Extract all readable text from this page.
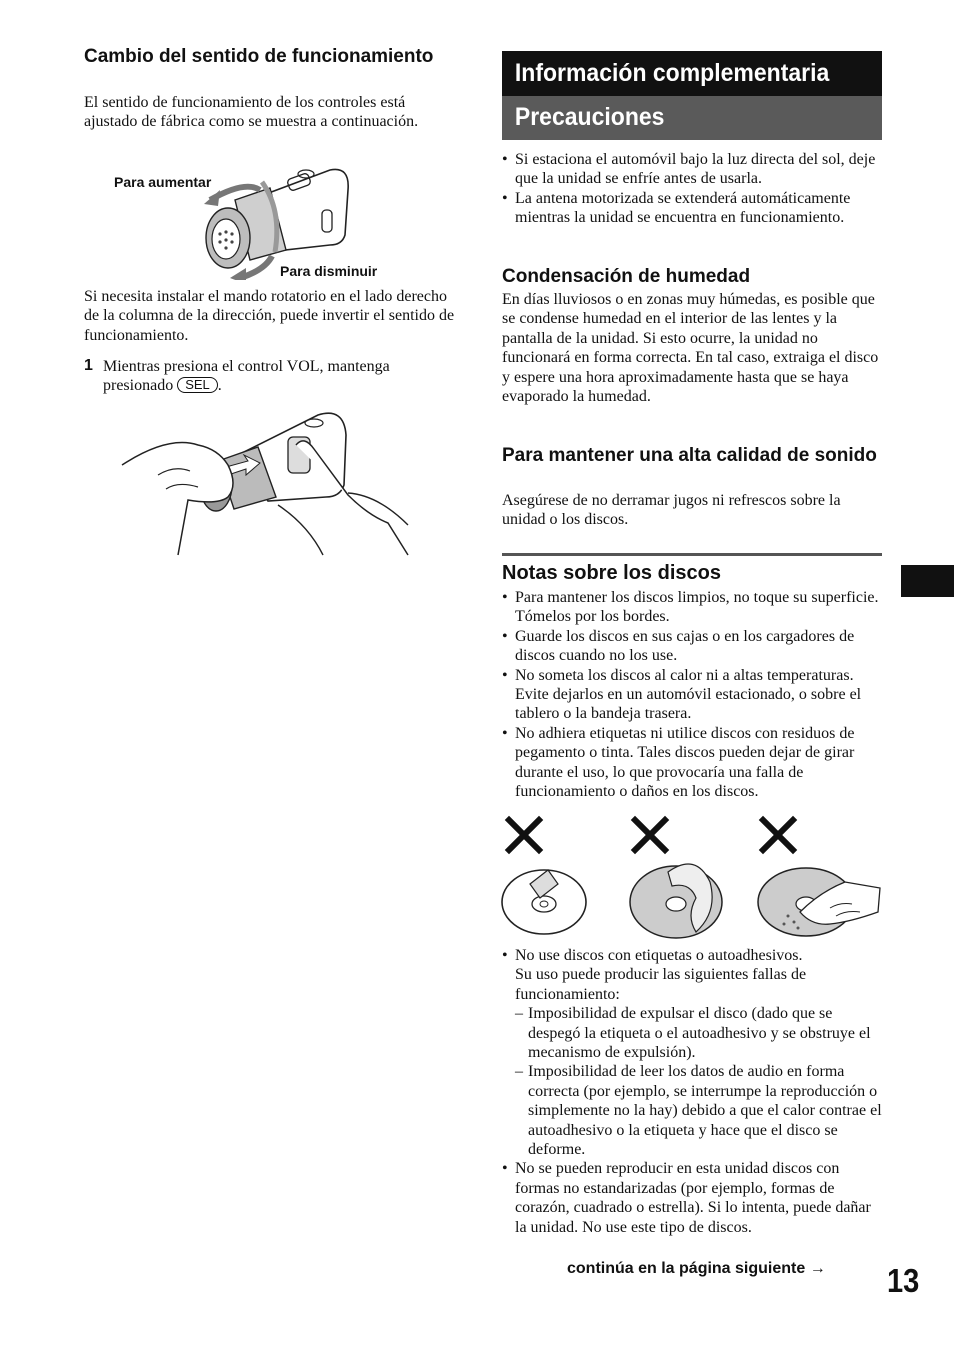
Cambio del sentido de funcionamiento

El sentido de funcionamiento de los controles está ajustado de fábrica como se muestra a continuación.

Para aumentar
Para disminuir

Si necesita instalar el mando rotatorio en el lado derecho de la columna de la dirección, puede invertir el sentido de funcionamiento.

1 Mientras presiona el control VOL, mantenga presionado SEL .

Información complementaria
Precauciones
• Si estaciona el automóvil bajo la luz directa del sol, deje que la unidad se enfríe antes de usarla.
• La antena motorizada se extenderá automáticamente mientras la unidad se encuentra en funcionamiento.
Condensación de humedad

En días lluviosos o en zonas muy húmedas, es posible que se condense humedad en el interior de las lentes y la pantalla de la unidad. Si esto ocurre, la unidad no funcionará en forma correcta. En tal caso, extraiga el disco y espere una hora aproximadamente hasta que se haya evaporado la humedad.

Para mantener una alta calidad de sonido

Asegúrese de no derramar jugos ni refrescos sobre la unidad o los discos.

Notas sobre los discos
• Para mantener los discos limpios, no toque su superficie. Tómelos por los bordes.
• Guarde los discos en sus cajas o en los cargadores de discos cuando no los use.
• No someta los discos al calor ni a altas temperaturas. Evite dejarlos en un automóvil estacionado, o sobre el tablero o la bandeja trasera.
• No adhiera etiquetas ni utilice discos con residuos de pegamento o tinta. Tales discos pueden dejar de girar durante el uso, lo que provocaría una falla de funcionamiento o daños en los discos.
• No use discos con etiquetas o autoadhesivos.
Su uso puede producir las siguientes fallas de funcionamiento:
– Imposibilidad de expulsar el disco (dado que se despegó la etiqueta o el autoadhesivo y se obstruye el mecanismo de expulsión).
– Imposibilidad de leer los datos de audio en forma correcta (por ejemplo, se interrumpe la reproducción o simplemente no la hay) debido a que el calor contrae el autoadhesivo o la etiqueta y hace que el disco se deforme.
• No se pueden reproducir en esta unidad discos con formas no estandarizadas (por ejemplo, formas de corazón, cuadrado o estrella). Si lo intenta, puede dañar la unidad. No use este tipo de discos.
continúa en la página siguiente → 13
